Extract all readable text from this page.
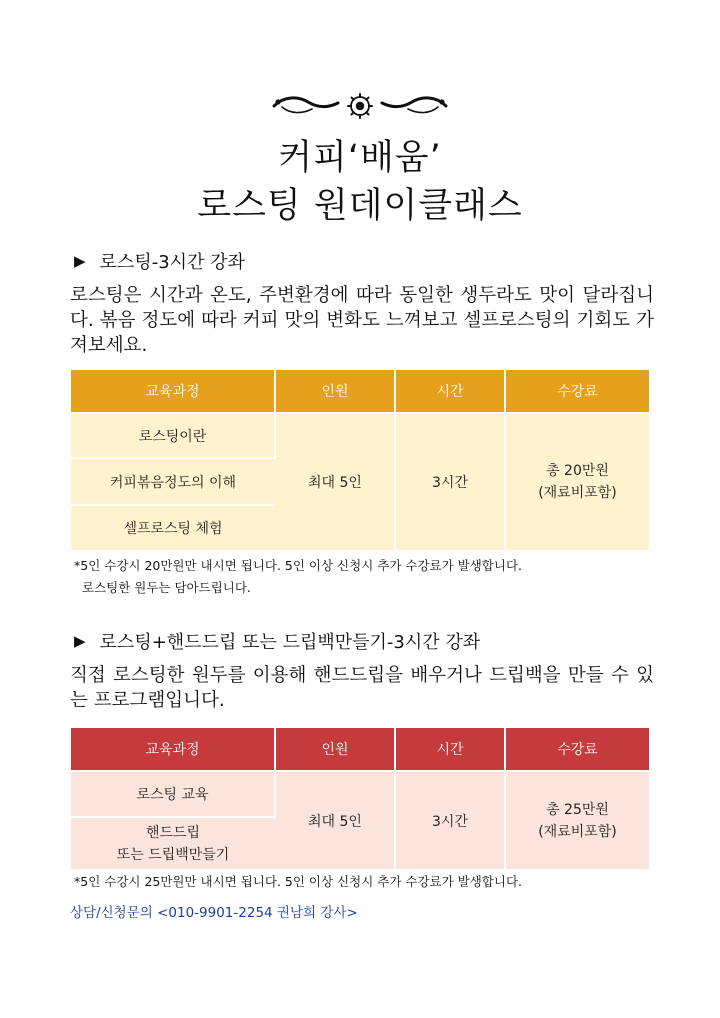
커피‘배움’
로스팅 원데이클래스
▶ 로스팅-3시간 강좌

로스팅은 시간과 온도, 주변환경에 따라 동일한 생두라도 맛이 달라집니다. 볶음 정도에 따라 커피 맛의 변화도 느껴보고 셀프로스팅의 기회도 가져보세요.

교육과정	인원	시간	수강료
로스팅이란	최대 5인	3시간	총 20만원
(재료비포함)

커피볶음정도의 이해			
셀프로스팅 체험			
*5인 수강시 20만원만 내시면 됩니다. 5인 이상 신청시 추가 수강료가 발생합니다.
로스팅한 원두는 담아드립니다.
▶ 로스팅+핸드드립 또는 드립백만들기-3시간 강좌

직접 로스팅한 원두를 이용해 핸드드립을 배우거나 드립백을 만들 수 있는 프로그램입니다.

교육과정	인원	시간	수강료
로스팅 교육	최대 5인	3시간	총 25만원
(재료비포함)

핸드드립
또는 드립백만들기			
*5인 수강시 25만원만 내시면 됩니다. 5인 이상 신청시 추가 수강료가 발생합니다.
상담/신청문의 <010-9901-2254 권남희 강사>
